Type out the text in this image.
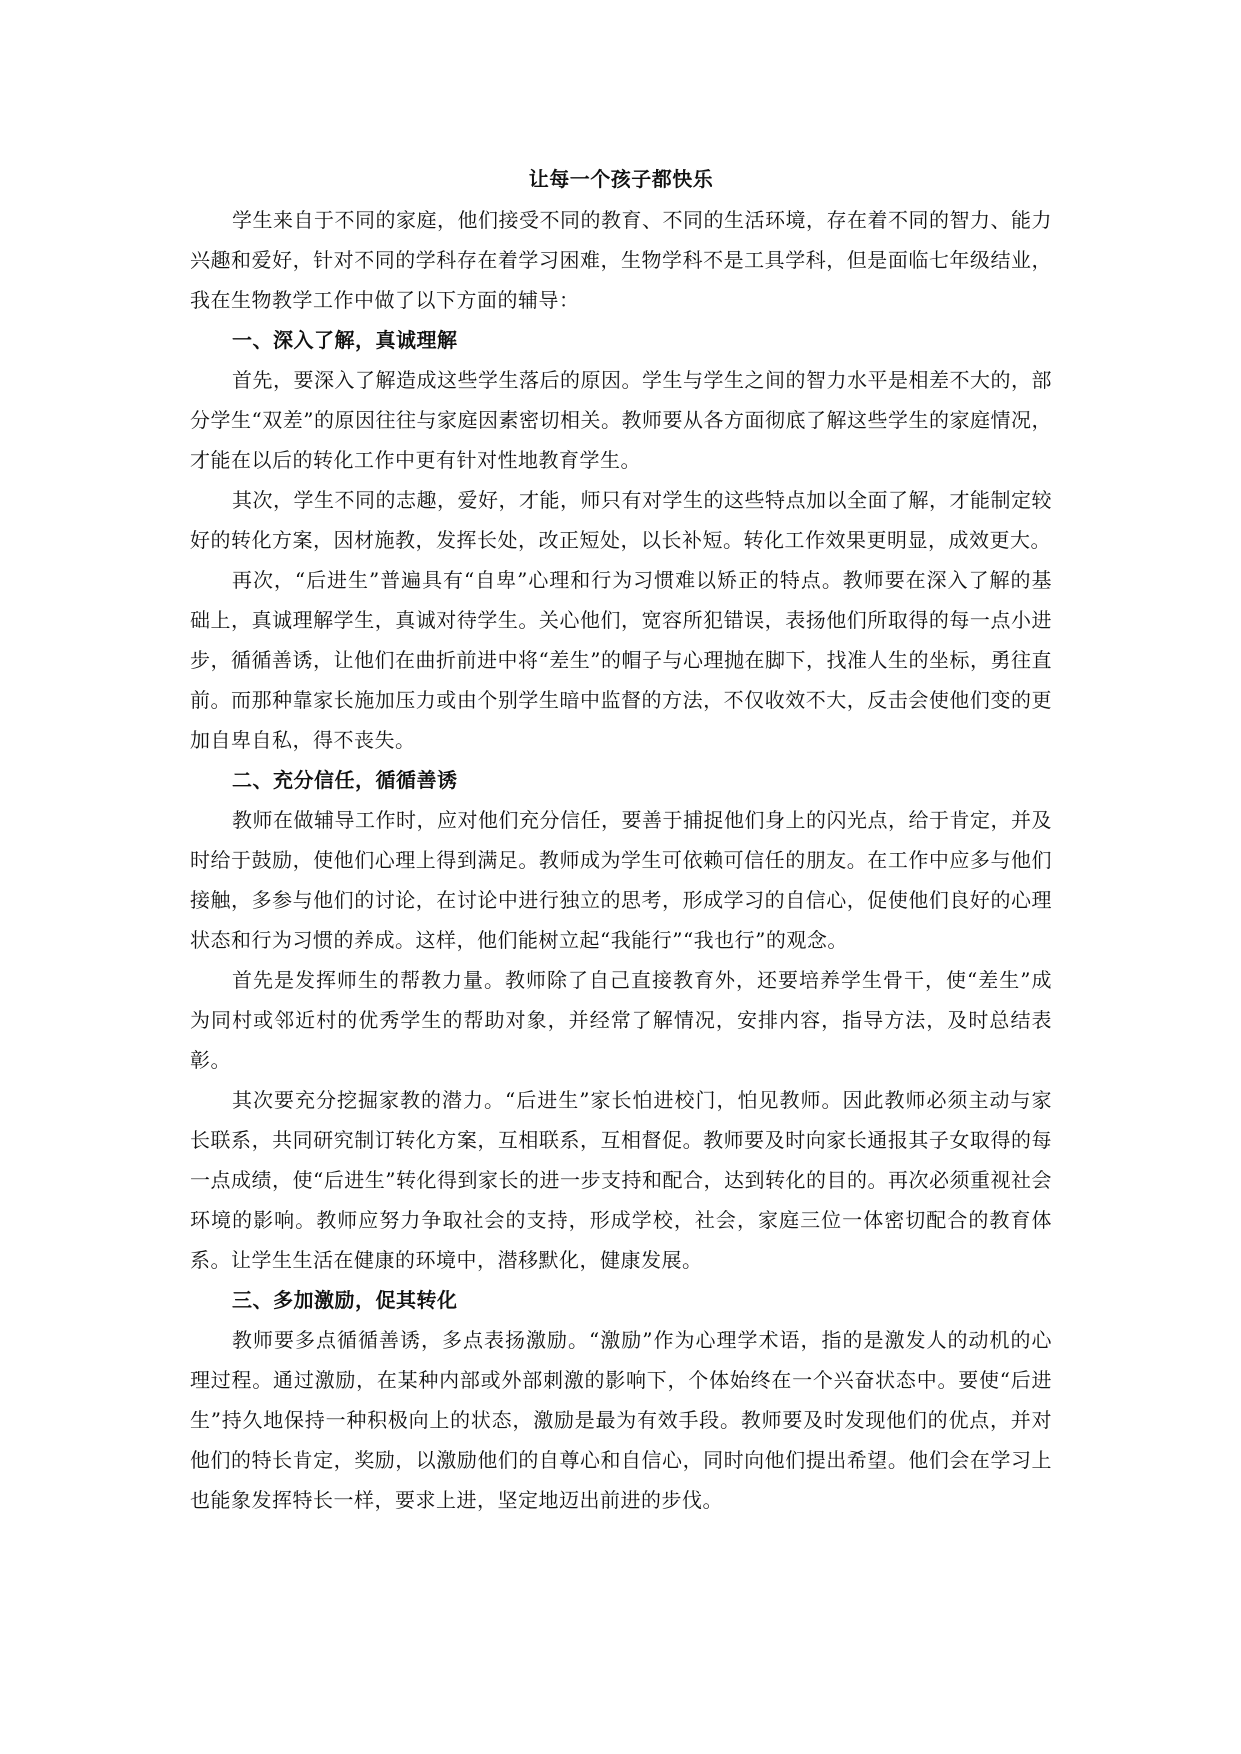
让每一个孩子都快乐

学生来自于不同的家庭，他们接受不同的教育、不同的生活环境，存在着不同的智力、能力兴趣和爱好，针对不同的学科存在着学习困难，生物学科不是工具学科，但是面临七年级结业，我在生物教学工作中做了以下方面的辅导：

一、深入了解，真诚理解

首先，要深入了解造成这些学生落后的原因。学生与学生之间的智力水平是相差不大的，部分学生“双差”的原因往往与家庭因素密切相关。教师要从各方面彻底了解这些学生的家庭情况，才能在以后的转化工作中更有针对性地教育学生。

其次，学生不同的志趣，爱好，才能，师只有对学生的这些特点加以全面了解，才能制定较好的转化方案，因材施教，发挥长处，改正短处，以长补短。转化工作效果更明显，成效更大。

再次，“后进生”普遍具有“自卑”心理和行为习惯难以矫正的特点。教师要在深入了解的基础上，真诚理解学生，真诚对待学生。关心他们，宽容所犯错误，表扬他们所取得的每一点小进步，循循善诱，让他们在曲折前进中将“差生”的帽子与心理抛在脚下，找准人生的坐标，勇往直前。而那种靠家长施加压力或由个别学生暗中监督的方法，不仅收效不大，反击会使他们变的更加自卑自私，得不丧失。

二、充分信任，循循善诱

教师在做辅导工作时，应对他们充分信任，要善于捕捉他们身上的闪光点，给于肯定，并及时给于鼓励，使他们心理上得到满足。教师成为学生可依赖可信任的朋友。在工作中应多与他们接触，多参与他们的讨论，在讨论中进行独立的思考，形成学习的自信心，促使他们良好的心理状态和行为习惯的养成。这样，他们能树立起“我能行”“我也行”的观念。

首先是发挥师生的帮教力量。教师除了自己直接教育外，还要培养学生骨干，使“差生”成为同村或邻近村的优秀学生的帮助对象，并经常了解情况，安排内容，指导方法，及时总结表彰。

其次要充分挖掘家教的潜力。“后进生”家长怕进校门，怕见教师。因此教师必须主动与家长联系，共同研究制订转化方案，互相联系，互相督促。教师要及时向家长通报其子女取得的每一点成绩，使“后进生”转化得到家长的进一步支持和配合，达到转化的目的。再次必须重视社会环境的影响。教师应努力争取社会的支持，形成学校，社会，家庭三位一体密切配合的教育体系。让学生生活在健康的环境中，潜移默化，健康发展。

三、多加激励，促其转化

教师要多点循循善诱，多点表扬激励。“激励”作为心理学术语，指的是激发人的动机的心理过程。通过激励，在某种内部或外部刺激的影响下，个体始终在一个兴奋状态中。要使“后进生”持久地保持一种积极向上的状态，激励是最为有效手段。教师要及时发现他们的优点，并对他们的特长肯定，奖励，以激励他们的自尊心和自信心，同时向他们提出希望。他们会在学习上也能象发挥特长一样，要求上进，坚定地迈出前进的步伐。
